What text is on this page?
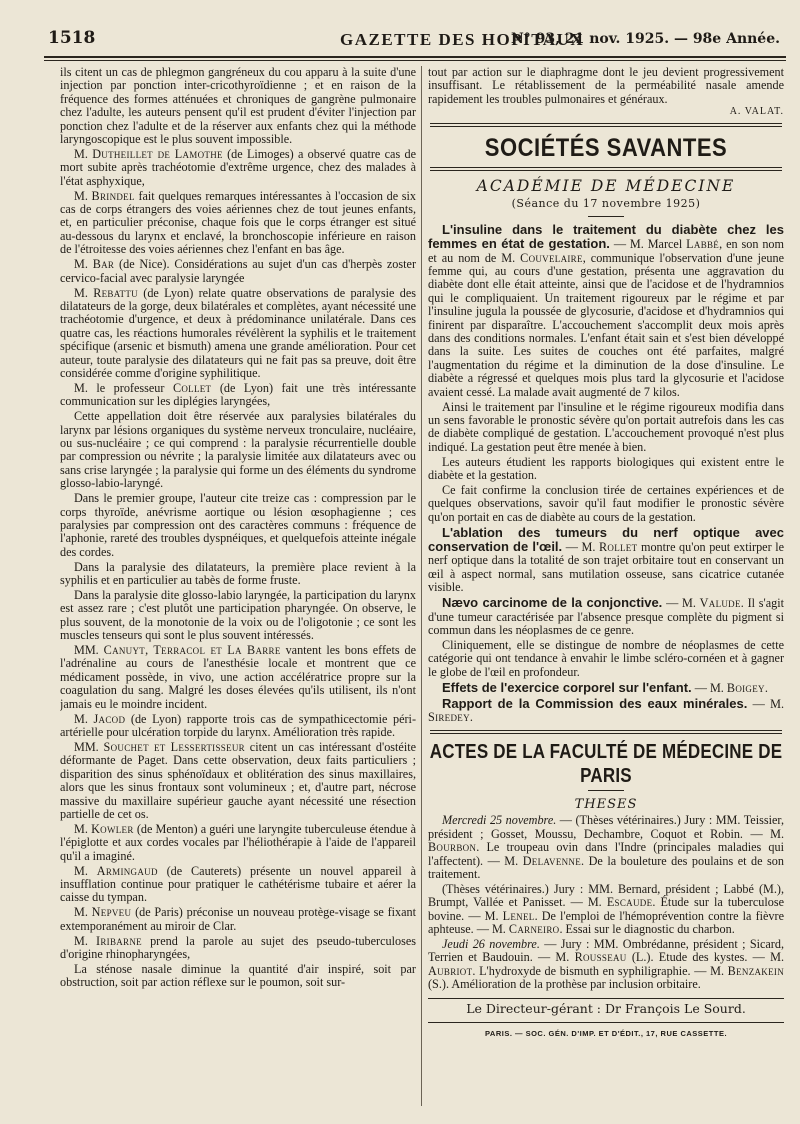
1518	GAZETTE DES HOPITAUX
N° 93, 21 nov. 1925. — 98e Année.

ils citent un cas de phlegmon gangréneux du cou apparu à la suite d'une injection par ponction inter-cricothyroïdienne ; et en raison de la fréquence des formes atténuées et chroniques de gangrène pulmonaire chez l'adulte, les auteurs pensent qu'il est prudent d'éviter l'injection par ponction chez l'adulte et de la réserver aux enfants chez qui la méthode laryngoscopique est le plus souvent impossible.

M. Dutheillet de Lamothe (de Limoges) a observé quatre cas de mort subite après trachéotomie d'extrême urgence, chez des malades à l'état asphyxique,

M. Brindel fait quelques remarques intéressantes à l'occasion de six cas de corps étrangers des voies aériennes chez de tout jeunes enfants, et, en particulier préconise, chaque fois que le corps étranger est situé au-dessous du larynx et enclavé, la bronchoscopie inférieure en raison de l'étroitesse des voies aériennes chez l'enfant en bas âge.

M. Bar (de Nice). Considérations au sujet d'un cas d'herpès zoster cervico-facial avec paralysie laryngée

M. Rebattu (de Lyon) relate quatre observations de paralysie des dilatateurs de la gorge, deux bilatérales et complètes, ayant nécessité une trachéotomie d'urgence, et deux à prédominance unilatérale. Dans ces quatre cas, les réactions humorales révélèrent la syphilis et le traitement spécifique (arsenic et bismuth) amena une grande amélioration. Pour cet auteur, toute paralysie des dilatateurs qui ne fait pas sa preuve, doit être considérée comme d'origine syphilitique.

M. le professeur Collet (de Lyon) fait une très intéressante communication sur les diplégies laryngées,

Cette appellation doit être réservée aux paralysies bilatérales du larynx par lésions organiques du système nerveux tronculaire, nucléaire, ou sus-nucléaire ; ce qui comprend : la paralysie récurrentielle double par compression ou névrite ; la paralysie limitée aux dilatateurs avec ou sans crise laryngée ; la paralysie qui forme un des éléments du syndrome glosso-labio-laryngé.

Dans le premier groupe, l'auteur cite treize cas : compression par le corps thyroïde, anévrisme aortique ou lésion œsophagienne ; ces paralysies par compression ont des caractères communs : fréquence de l'aphonie, rareté des troubles dyspnéiques, et quelquefois atteinte inégale des cordes.

Dans la paralysie des dilatateurs, la première place revient à la syphilis et en particulier au tabès de forme fruste.

Dans la paralysie dite glosso-labio laryngée, la participation du larynx est assez rare ; c'est plutôt une participation pharyngée. On observe, le plus souvent, de la monotonie de la voix ou de l'oligotonie ; ce sont les muscles tenseurs qui sont le plus souvent intéressés.

MM. Canuyt, Terracol et La Barre vantent les bons effets de l'adrénaline au cours de l'anesthésie locale et montrent que ce médicament possède, in vivo, une action accélératrice propre sur la coagulation du sang. Malgré les doses élevées qu'ils utilisent, ils n'ont jamais eu le moindre incident.

M. Jacod (de Lyon) rapporte trois cas de sympathicectomie péri-artérielle pour ulcération torpide du larynx. Amélioration très rapide.

MM. Souchet et Lessertisseur citent un cas intéressant d'ostéite déformante de Paget. Dans cette observation, deux faits particuliers ; disparition des sinus sphénoïdaux et oblitération des sinus maxillaires, alors que les sinus frontaux sont volumineux ; et, d'autre part, nécrose massive du maxillaire supérieur gauche ayant nécessité une résection partielle de cet os.

M. Kowler (de Menton) a guéri une laryngite tuberculeuse étendue à l'épiglotte et aux cordes vocales par l'héliothérapie à l'aide de l'appareil qu'il a imaginé.

M. Armingaud (de Cauterets) présente un nouvel appareil à insufflation continue pour pratiquer le cathétérisme tubaire et aérer la caisse du tympan.

M. Nepveu (de Paris) préconise un nouveau protège-visage se fixant extemporanément au miroir de Clar.

M. Iribarne prend la parole au sujet des pseudo-tuberculoses d'origine rhinopharyngées,

La sténose nasale diminue la quantité d'air inspiré, soit par obstruction, soit par action réflexe sur le poumon, soit sur-

tout par action sur le diaphragme dont le jeu devient progressivement insuffisant. Le rétablissement de la perméabilité nasale amende rapidement les troubles pulmonaires et généraux.

A. VALAT.
SOCIÉTÉS SAVANTES
ACADÉMIE DE MÉDECINE
(Séance du 17 novembre 1925)

L'insuline dans le traitement du diabète chez les femmes en état de gestation. — M. Marcel Labbé, en son nom et au nom de M. Couvelaire, communique l'observation d'une jeune femme qui, au cours d'une gestation, présenta une aggravation du diabète dont elle était atteinte, ainsi que de l'acidose et de l'hydramnios qui le compliquaient. Un traitement rigoureux par le régime et par l'insuline jugula la poussée de glycosurie, d'acidose et d'hydramnios qui finirent par disparaître. L'accouchement s'accomplit deux mois après dans des conditions normales. L'enfant était sain et s'est bien développé dans la suite. Les suites de couches ont été parfaites, malgré l'augmentation du régime et la diminution de la dose d'insuline. Le diabète a régressé et quelques mois plus tard la glycosurie et l'acidose avaient cessé. La malade avait augmenté de 7 kilos.

Ainsi le traitement par l'insuline et le régime rigoureux modifia dans un sens favorable le pronostic sévère qu'on portait autrefois dans les cas de diabète compliqué de gestation. L'accouchement provoqué n'est plus indiqué. La gestation peut être menée à bien.

Les auteurs étudient les rapports biologiques qui existent entre le diabète et la gestation.

Ce fait confirme la conclusion tirée de certaines expériences et de quelques observations, savoir qu'il faut modifier le pronostic sévère qu'on portait en cas de diabète au cours de la gestation.

L'ablation des tumeurs du nerf optique avec conservation de l'œil. — M. Rollet montre qu'on peut extirper le nerf optique dans la totalité de son trajet orbitaire tout en conservant un œil à aspect normal, sans mutilation osseuse, sans cicatrice cutanée visible.

Nævo carcinome de la conjonctive. — M. Valude. Il s'agit d'une tumeur caractérisée par l'absence presque complète du pigment si commun dans les néoplasmes de ce genre.

Cliniquement, elle se distingue de nombre de néoplasmes de cette catégorie qui ont tendance à envahir le limbe scléro-cornéen et à gagner le globe de l'œil en profondeur.

Effets de l'exercice corporel sur l'enfant. — M. Boigey.

Rapport de la Commission des eaux minérales. — M. Siredey.

ACTES DE LA FACULTÉ DE MÉDECINE DE PARIS
THESES

Mercredi 25 novembre. — (Thèses vétérinaires.) Jury : MM. Teissier, président ; Gosset, Moussu, Dechambre, Coquot et Robin. — M. Bourbon. Le troupeau ovin dans l'Indre (principales maladies qui l'affectent). — M. Delavenne. De la bouleture des poulains et de son traitement.

(Thèses vétérinaires.) Jury : MM. Bernard, président ; Labbé (M.), Brumpt, Vallée et Panisset. — M. Escaude. Étude sur la tuberculose bovine. — M. Lenel. De l'emploi de l'hémoprévention contre la fièvre aphteuse. — M. Carneiro. Essai sur le diagnostic du charbon.

Jeudi 26 novembre. — Jury : MM. Ombrédanne, président ; Sicard, Terrien et Baudouin. — M. Rousseau (L.). Etude des kystes. — M. Aubriot. L'hydroxyde de bismuth en syphiligraphie. — M. Benzakein (S.). Amélioration de la prothèse par inclusion orbitaire.

Le Directeur-gérant : Dr François Le Sourd.
PARIS. — SOC. GÉN. D'IMP. ET D'ÉDIT., 17, RUE CASSETTE.
